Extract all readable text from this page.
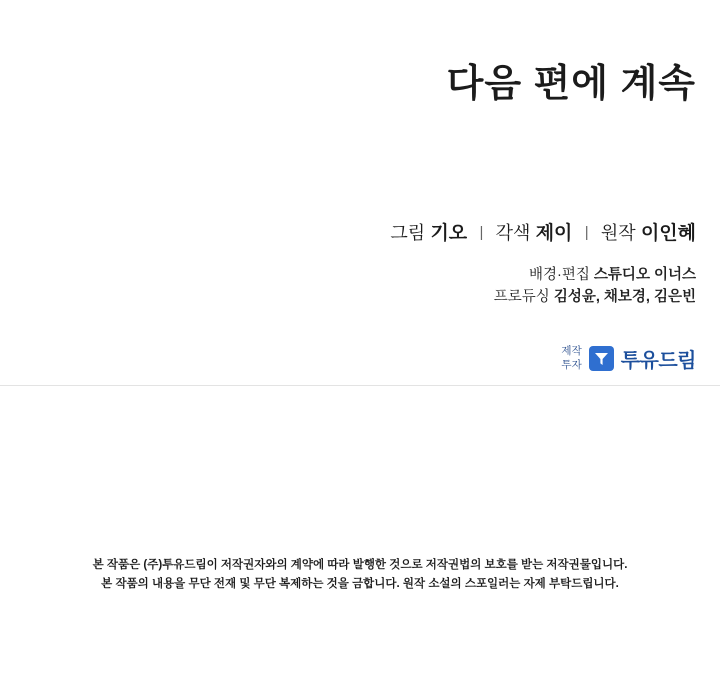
다음 편에 계속
그림 기오 | 각색 제이 | 원작 이인혜
배경·편집 스튜디오 이너스
프로듀싱 김성윤, 채보경, 김은빈
제작
투자 투유드림
본 작품은 (주)투유드림이 저작권자와의 계약에 따라 발행한 것으로 저작권법의 보호를 받는 저작권물입니다.
본 작품의 내용을 무단 전재 및 무단 복제하는 것을 금합니다. 원작 소설의 스포일러는 자제 부탁드립니다.
